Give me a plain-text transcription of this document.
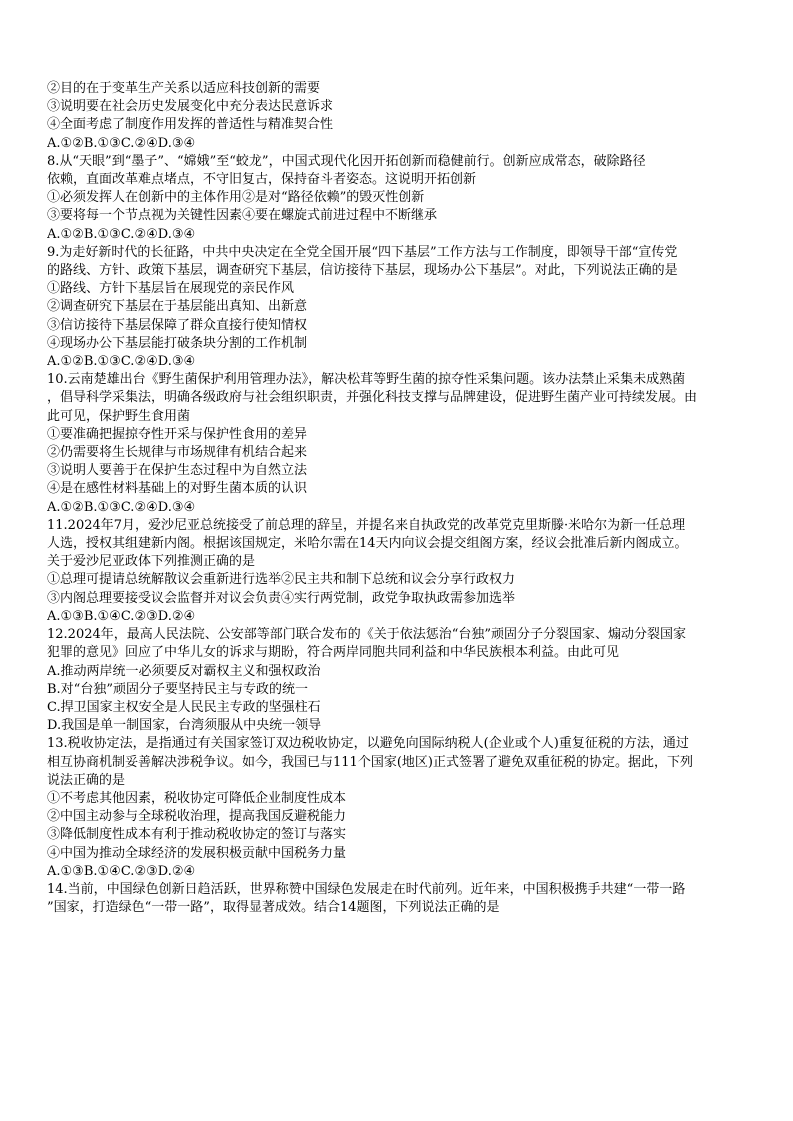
②目的在于变革生产关系以适应科技创新的需要
③说明要在社会历史发展变化中充分表达民意诉求
④全面考虑了制度作用发挥的普适性与精准契合性
A.①②B.①③C.②④D.③④
8.从“天眼”到“墨子”、“嫦娥”至“蛟龙”，中国式现代化因开拓创新而稳健前行。创新应成常态，破除路径
依赖，直面改革难点堵点，不守旧复古，保持奋斗者姿态。这说明开拓创新
①必须发挥人在创新中的主体作用②是对“路径依赖”的毁灭性创新
③要将每一个节点视为关键性因素④要在螺旋式前进过程中不断继承
A.①②B.①③C.②④D.③④
9.为走好新时代的长征路，中共中央决定在全党全国开展“四下基层”工作方法与工作制度，即领导干部“宣传党
的路线、方针、政策下基层，调查研究下基层，信访接待下基层，现场办公下基层”。对此，下列说法正确的是
①路线、方针下基层旨在展现党的亲民作风
②调查研究下基层在于基层能出真知、出新意
③信访接待下基层保障了群众直接行使知情权
④现场办公下基层能打破条块分割的工作机制
A.①②B.①③C.②④D.③④
10.云南楚雄出台《野生菌保护利用管理办法》，解决松茸等野生菌的掠夺性采集问题。该办法禁止采集未成熟菌
，倡导科学采集法，明确各级政府与社会组织职责，并强化科技支撑与品牌建设，促进野生菌产业可持续发展。由
此可见，保护野生食用菌
①要准确把握掠夺性开采与保护性食用的差异
②仍需要将生长规律与市场规律有机结合起来
③说明人要善于在保护生态过程中为自然立法
④是在感性材料基础上的对野生菌本质的认识
A.①②B.①③C.②④D.③④
11.2024年7月，爱沙尼亚总统接受了前总理的辞呈，并提名来自执政党的改革党克里斯滕·米哈尔为新一任总理
人选，授权其组建新内阁。根据该国规定，米哈尔需在14天内向议会提交组阁方案，经议会批准后新内阁成立。
关于爱沙尼亚政体下列推测正确的是
①总理可提请总统解散议会重新进行选举②民主共和制下总统和议会分享行政权力
③内阁总理要接受议会监督并对议会负责④实行两党制，政党争取执政需参加选举
A.①③B.①④C.②③D.②④
12.2024年，最高人民法院、公安部等部门联合发布的《关于依法惩治“台独”顽固分子分裂国家、煽动分裂国家
犯罪的意见》回应了中华儿女的诉求与期盼，符合两岸同胞共同利益和中华民族根本利益。由此可见
A.推动两岸统一必须要反对霸权主义和强权政治
B.对“台独”顽固分子要坚持民主与专政的统一
C.捍卫国家主权安全是人民民主专政的坚强柱石
D.我国是单一制国家，台湾须服从中央统一领导
13.税收协定法，是指通过有关国家签订双边税收协定，以避免向国际纳税人(企业或个人)重复征税的方法，通过
相互协商机制妥善解决涉税争议。如今，我国已与111个国家(地区)正式签署了避免双重征税的协定。据此，下列
说法正确的是
①不考虑其他因素，税收协定可降低企业制度性成本
②中国主动参与全球税收治理，提高我国反避税能力
③降低制度性成本有利于推动税收协定的签订与落实
④中国为推动全球经济的发展积极贡献中国税务力量
A.①③B.①④C.②③D.②④
14.当前，中国绿色创新日趋活跃，世界称赞中国绿色发展走在时代前列。近年来，中国积极携手共建“一带一路
”国家，打造绿色“一带一路”，取得显著成效。结合14题图，下列说法正确的是
